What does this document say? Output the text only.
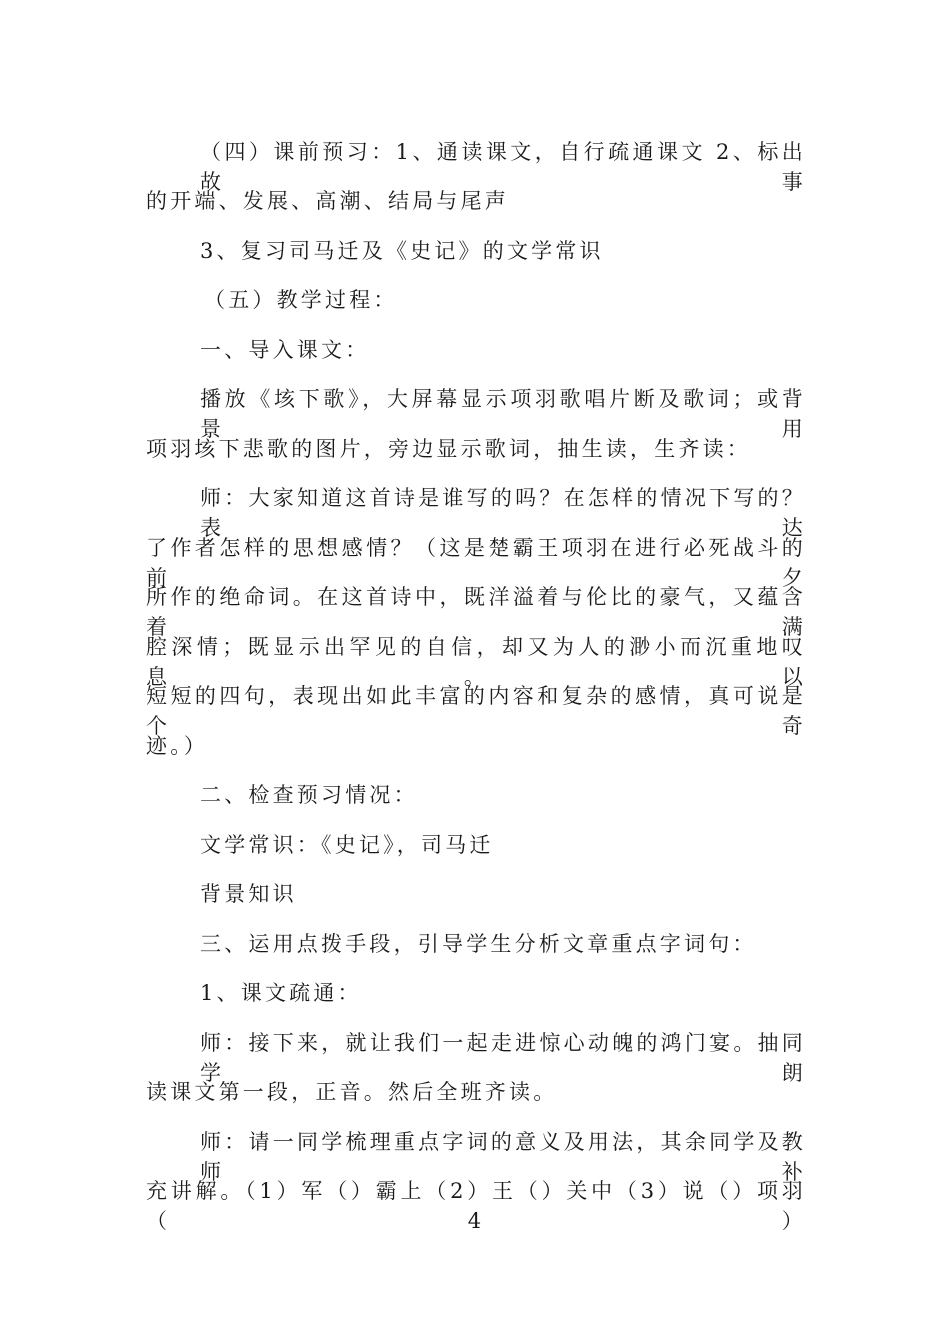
（四）课前预习：1、通读课文，自行疏通课文 2、标出故事
的开端、发展、高潮、结局与尾声
3、复习司马迁及《史记》的文学常识
（五）教学过程：
一、导入课文：
播放《垓下歌》，大屏幕显示项羽歌唱片断及歌词；或背景用
项羽垓下悲歌的图片，旁边显示歌词，抽生读，生齐读：
师：大家知道这首诗是谁写的吗？在怎样的情况下写的？表达
了作者怎样的思想感情？（这是楚霸王项羽在进行必死战斗的前夕
所作的绝命词。在这首诗中，既洋溢着与伦比的豪气，又蕴含着满
腔深情；既显示出罕见的自信，却又为人的渺小而沉重地叹息。以
短短的四句，表现出如此丰富的内容和复杂的感情，真可说是个奇
迹。）
二、检查预习情况：
文学常识：《史记》，司马迁
背景知识
三、运用点拨手段，引导学生分析文章重点字词句：
1、课文疏通：
师：接下来，就让我们一起走进惊心动魄的鸿门宴。抽同学朗
读课文第一段，正音。然后全班齐读。
师：请一同学梳理重点字词的意义及用法，其余同学及教师补
充讲解。（1）军（）霸上（2）王（）关中（3）说（）项羽（4）
